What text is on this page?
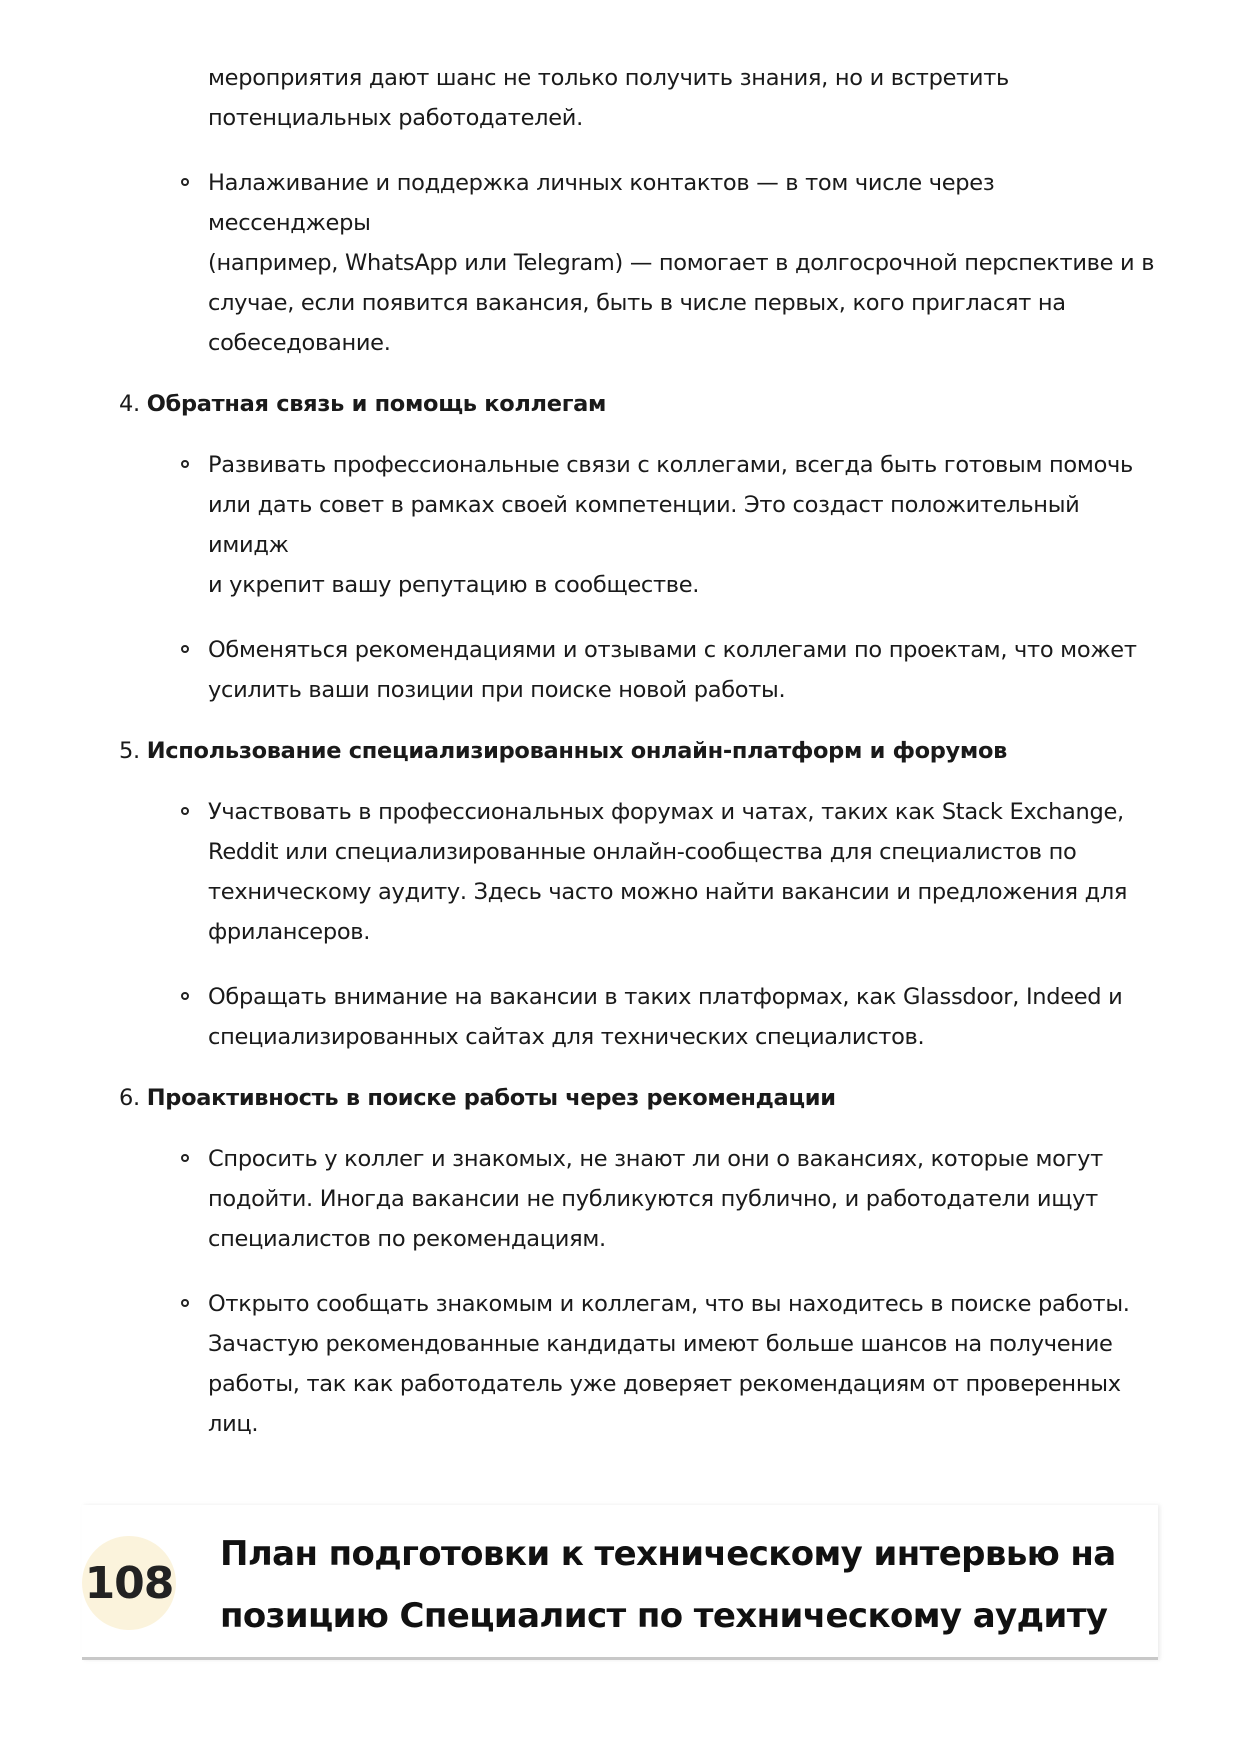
мероприятия дают шанс не только получить знания, но и встретить
потенциальных работодателей.
Налаживание и поддержка личных контактов — в том числе через мессенджеры
(например, WhatsApp или Telegram) — помогает в долгосрочной перспективе и в
случае, если появится вакансия, быть в числе первых, кого пригласят на
собеседование.
4. Обратная связь и помощь коллегам
Развивать профессиональные связи с коллегами, всегда быть готовым помочь
или дать совет в рамках своей компетенции. Это создаст положительный имидж
и укрепит вашу репутацию в сообществе.
Обменяться рекомендациями и отзывами с коллегами по проектам, что может
усилить ваши позиции при поиске новой работы.
5. Использование специализированных онлайн-платформ и форумов
Участвовать в профессиональных форумах и чатах, таких как Stack Exchange,
Reddit или специализированные онлайн-сообщества для специалистов по
техническому аудиту. Здесь часто можно найти вакансии и предложения для
фрилансеров.
Обращать внимание на вакансии в таких платформах, как Glassdoor, Indeed и
специализированных сайтах для технических специалистов.
6. Проактивность в поиске работы через рекомендации
Спросить у коллег и знакомых, не знают ли они о вакансиях, которые могут
подойти. Иногда вакансии не публикуются публично, и работодатели ищут
специалистов по рекомендациям.
Открыто сообщать знакомым и коллегам, что вы находитесь в поиске работы.
Зачастую рекомендованные кандидаты имеют больше шансов на получение
работы, так как работодатель уже доверяет рекомендациям от проверенных лиц.
108
План подготовки к техническому интервью на
позицию Специалист по техническому аудиту
